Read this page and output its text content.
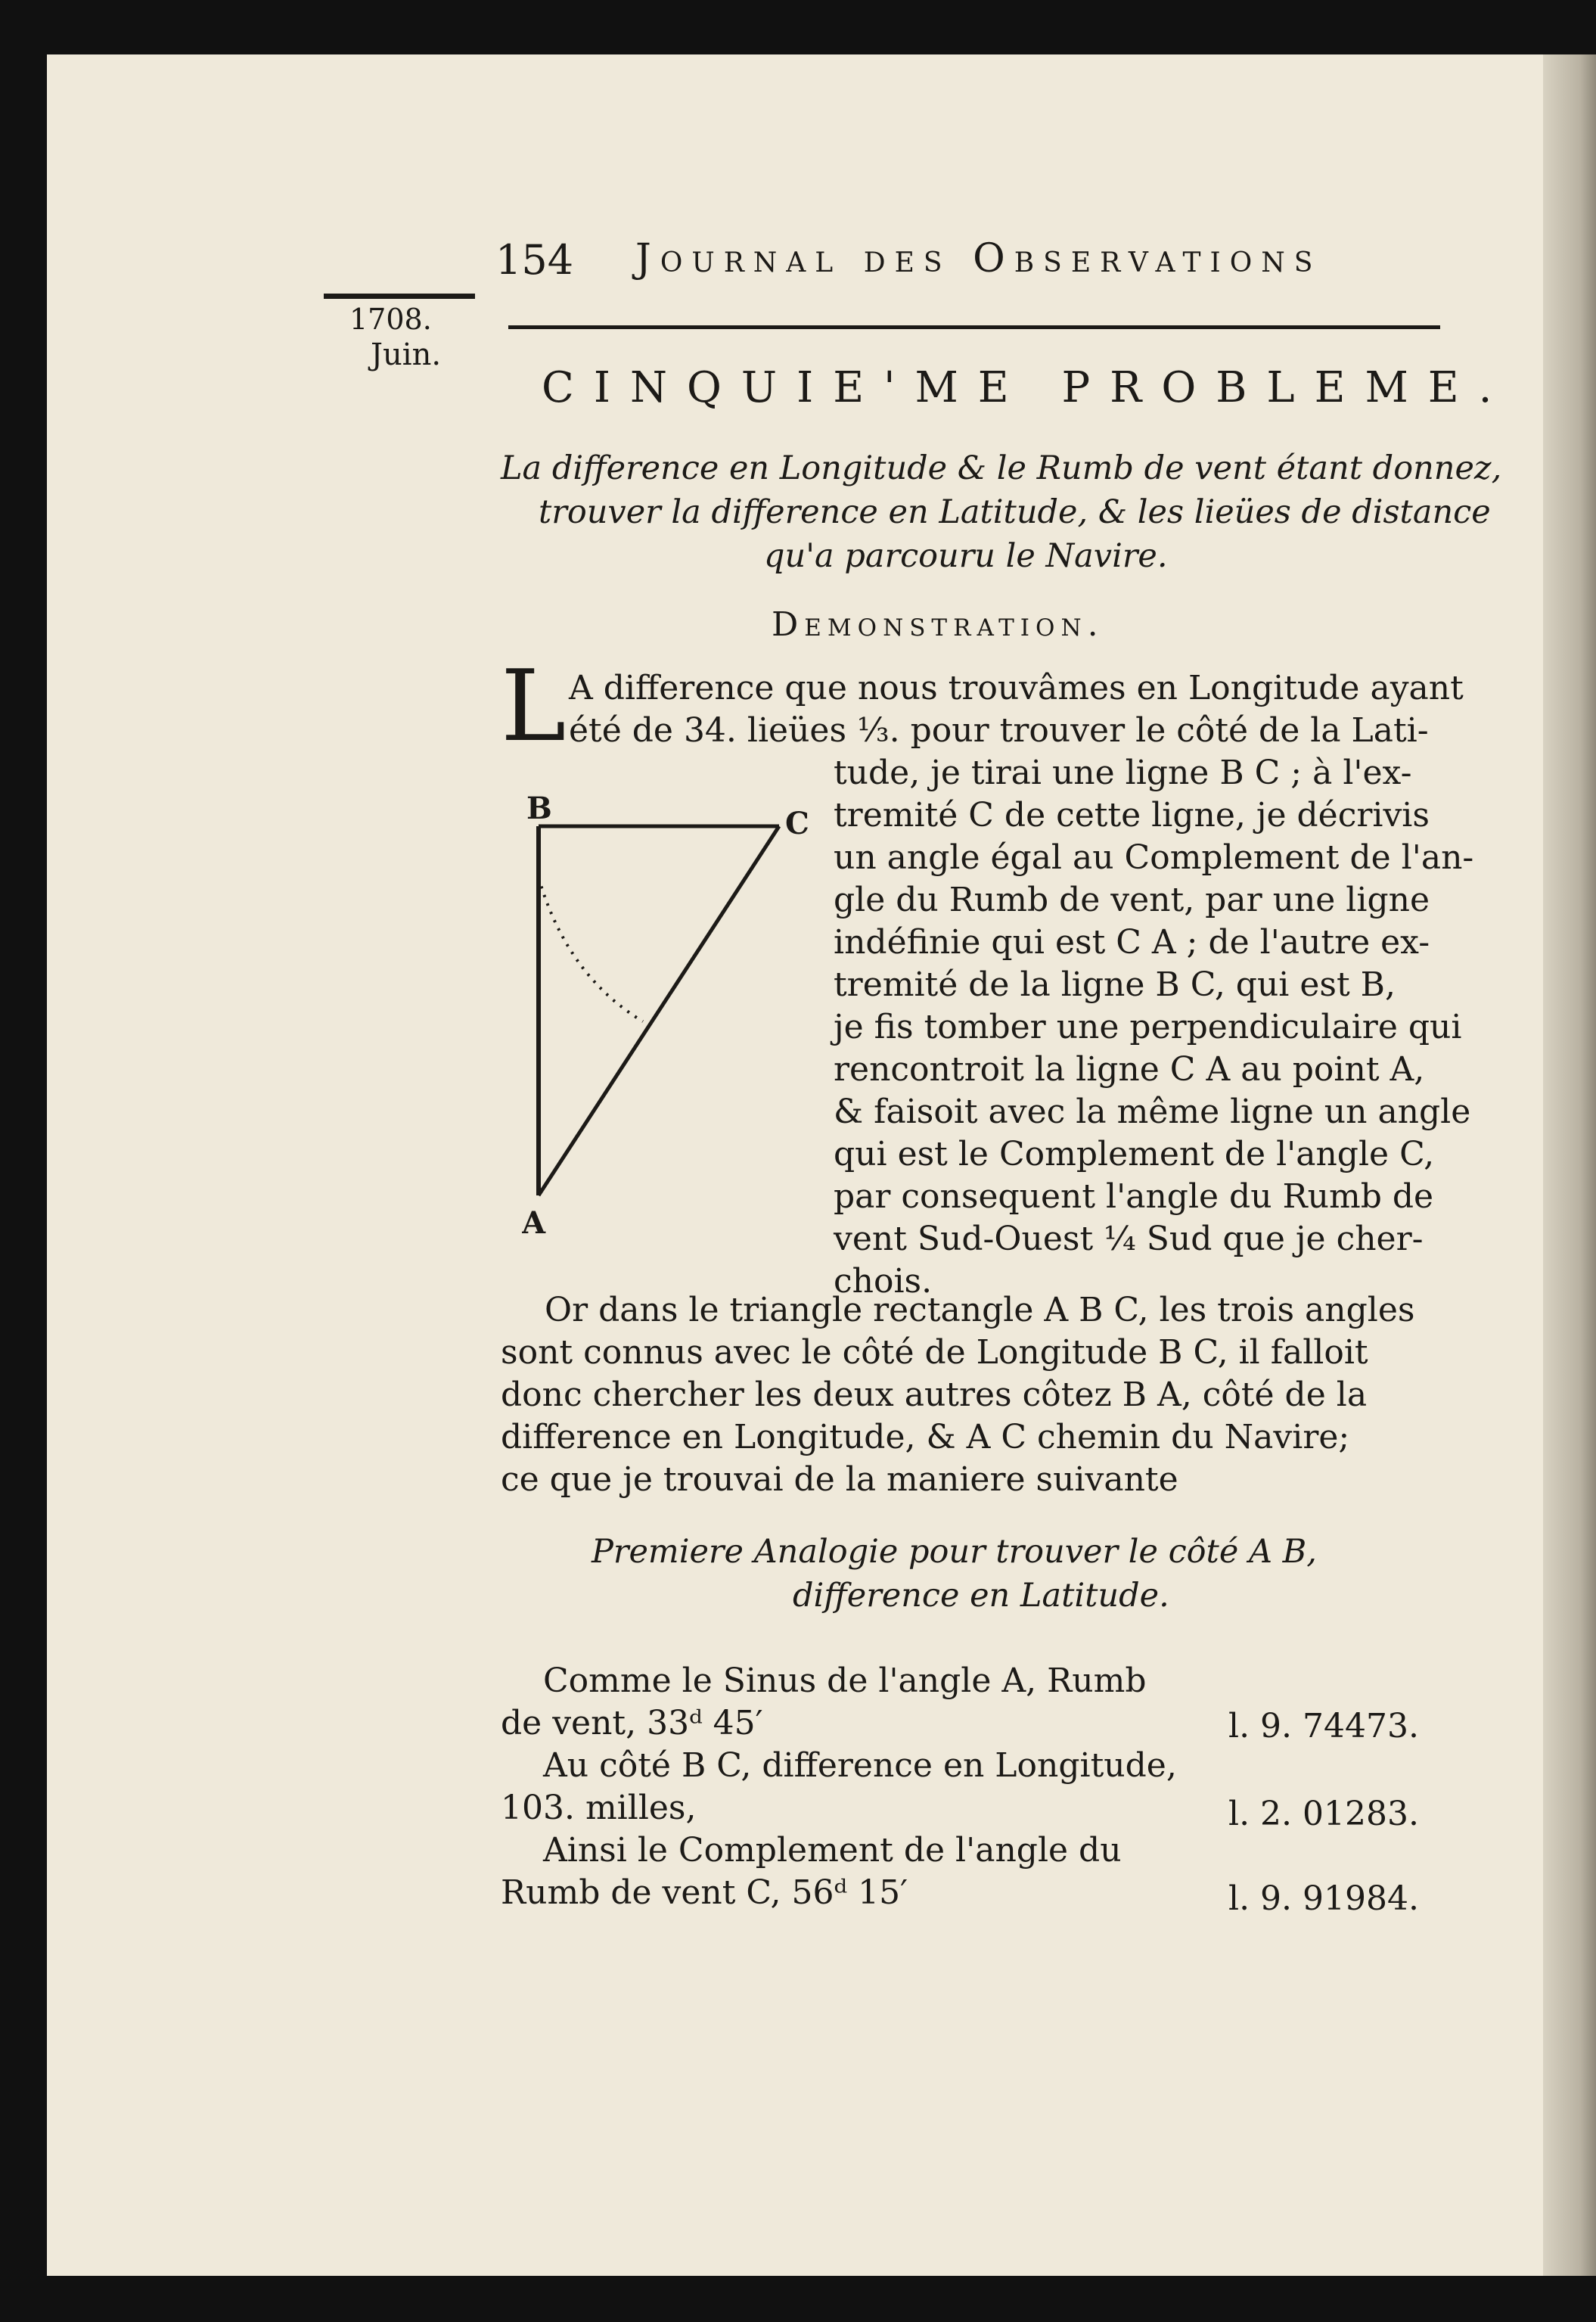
154 Journal des Observations
1708.
Juin.
CINQUIE'ME PROBLEME.
La difference en Longitude & le Rumb de vent étant donnez,
trouver la difference en Latitude, & les lieües de distance
qu'a parcouru le Navire.
Demonstration.
L A difference que nous trouvâmes en Longitude ayant
été de 34. lieües ⅓. pour trouver le côté de la Lati-
tude, je tirai une ligne B C ; à l'ex-
tremité C de cette ligne, je décrivis
un angle égal au Complement de l'an-
gle du Rumb de vent, par une ligne
indéfinie qui est C A ; de l'autre ex-
tremité de la ligne B C, qui est B,
je fis tomber une perpendiculaire qui
rencontroit la ligne C A au point A,
& faisoit avec la même ligne un angle
qui est le Complement de l'angle C,
par consequent l'angle du Rumb de
vent Sud-Ouest ¼ Sud que je cher-
chois.
B	C
A
Or dans le triangle rectangle A B C, les trois angles
sont connus avec le côté de Longitude B C, il falloit
donc chercher les deux autres côtez B A, côté de la
difference en Longitude, & A C chemin du Navire;
ce que je trouvai de la maniere suivante
Premiere Analogie pour trouver le côté A B,
difference en Latitude.
Comme le Sinus de l'angle A, Rumb
de vent, 33ᵈ 45′	l. 9. 74473.
Au côté B C, difference en Longitude,
103. milles,	l. 2. 01283.
Ainsi le Complement de l'angle du
Rumb de vent C, 56ᵈ 15′	l. 9. 91984.
